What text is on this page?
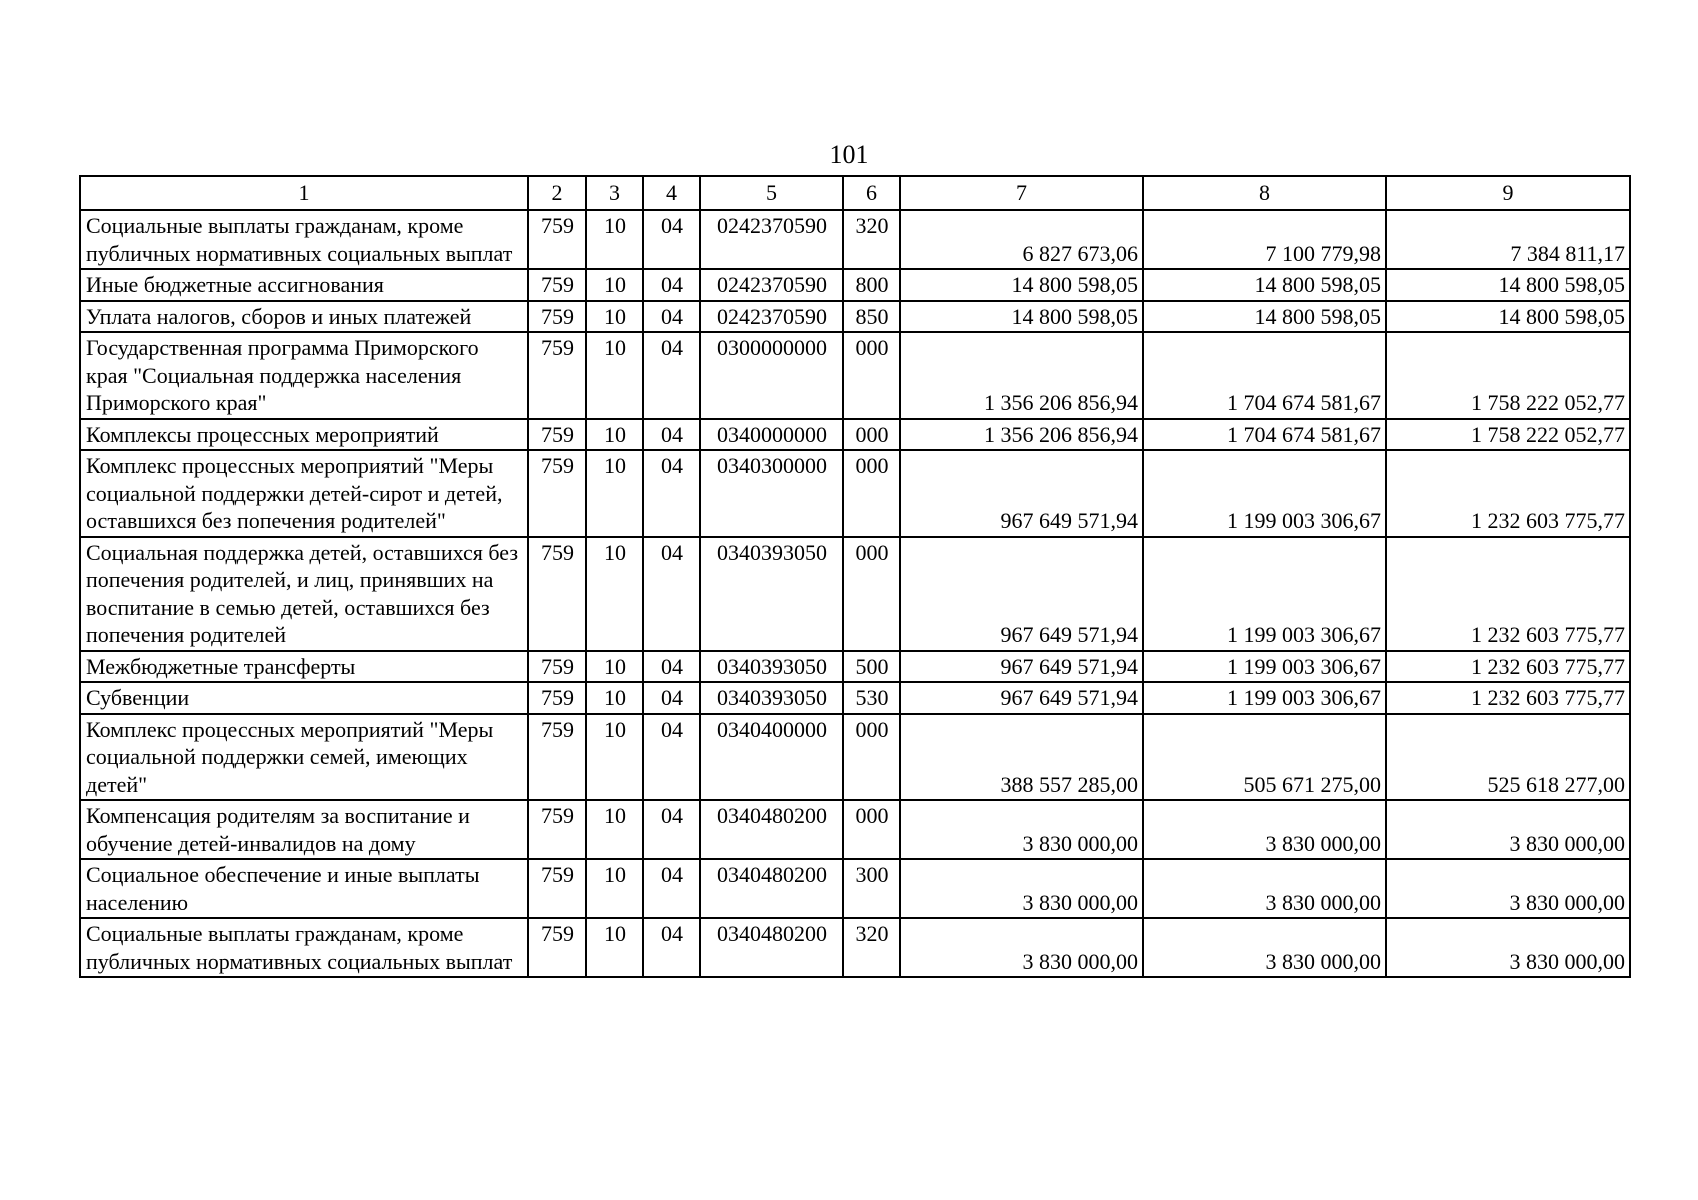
101
1	2	3	4	5	6	7	8	9
Социальные выплаты гражданам, кроме публичных нормативных социальных выплат	759	10	04	0242370590	320	6 827 673,06	7 100 779,98	7 384 811,17
Иные бюджетные ассигнования	759	10	04	0242370590	800	14 800 598,05	14 800 598,05	14 800 598,05
Уплата налогов, сборов и иных платежей	759	10	04	0242370590	850	14 800 598,05	14 800 598,05	14 800 598,05
Государственная программа Приморского края "Социальная поддержка населения Приморского края"	759	10	04	0300000000	000	1 356 206 856,94	1 704 674 581,67	1 758 222 052,77
Комплексы процессных мероприятий	759	10	04	0340000000	000	1 356 206 856,94	1 704 674 581,67	1 758 222 052,77
Комплекс процессных мероприятий "Меры социальной поддержки детей-сирот и детей, оставшихся без попечения родителей"	759	10	04	0340300000	000	967 649 571,94	1 199 003 306,67	1 232 603 775,77
Социальная поддержка детей, оставшихся без попечения родителей, и лиц, принявших на воспитание в семью детей, оставшихся без попечения родителей	759	10	04	0340393050	000	967 649 571,94	1 199 003 306,67	1 232 603 775,77
Межбюджетные трансферты	759	10	04	0340393050	500	967 649 571,94	1 199 003 306,67	1 232 603 775,77
Субвенции	759	10	04	0340393050	530	967 649 571,94	1 199 003 306,67	1 232 603 775,77
Комплекс процессных мероприятий "Меры социальной поддержки семей, имеющих детей"	759	10	04	0340400000	000	388 557 285,00	505 671 275,00	525 618 277,00
Компенсация родителям за воспитание и обучение детей-инвалидов на дому	759	10	04	0340480200	000	3 830 000,00	3 830 000,00	3 830 000,00
Социальное обеспечение и иные выплаты населению	759	10	04	0340480200	300	3 830 000,00	3 830 000,00	3 830 000,00
Социальные выплаты гражданам, кроме публичных нормативных социальных выплат	759	10	04	0340480200	320	3 830 000,00	3 830 000,00	3 830 000,00
